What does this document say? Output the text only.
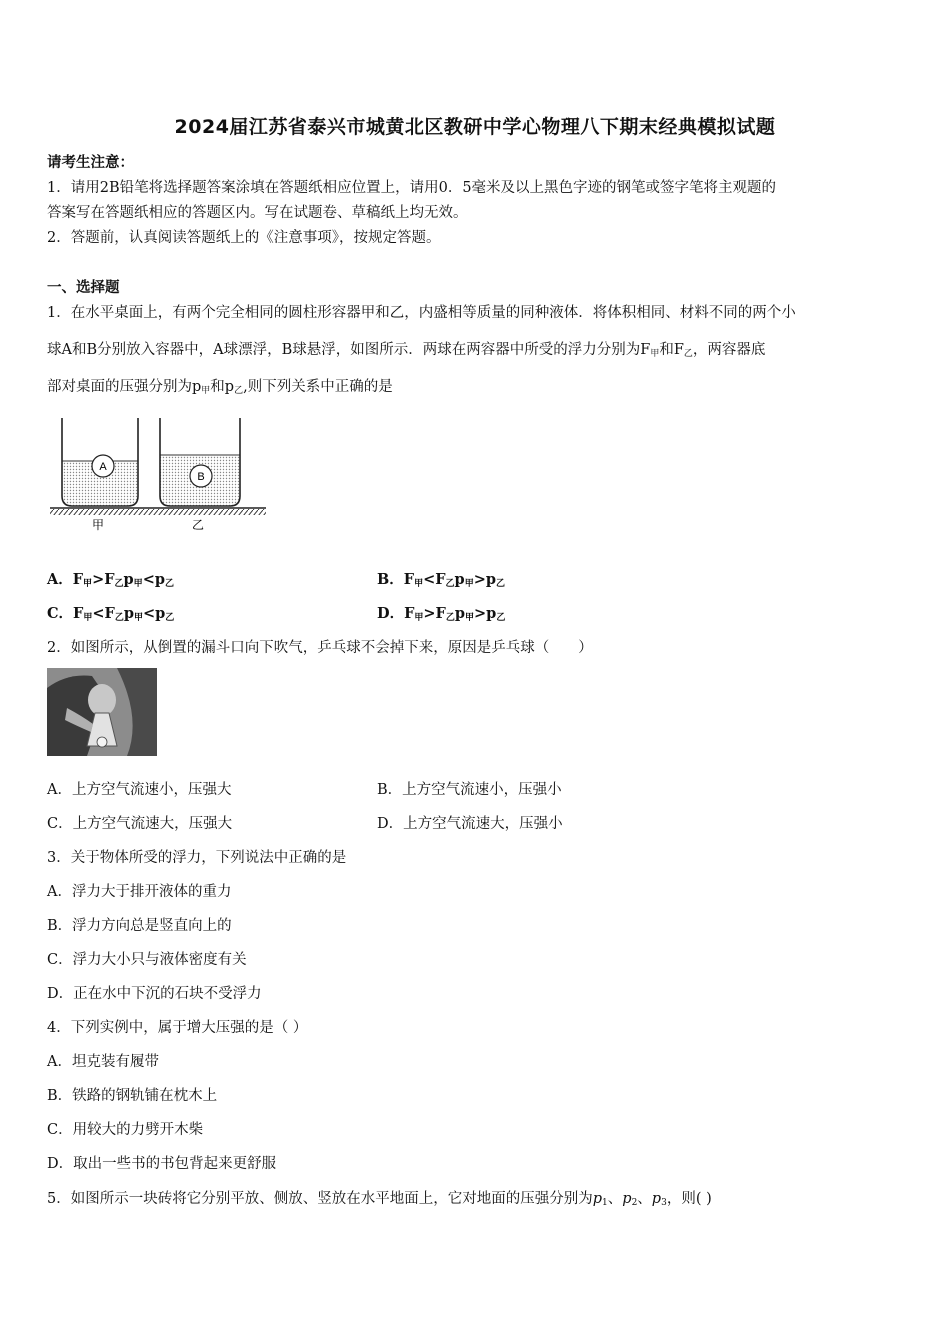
2024届江苏省泰兴市城黄北区教研中学心物理八下期末经典模拟试题
请考生注意：
1．请用2B铅笔将选择题答案涂填在答题纸相应位置上，请用0．5毫米及以上黑色字迹的钢笔或签字笔将主观题的
答案写在答题纸相应的答题区内。写在试题卷、草稿纸上均无效。
2．答题前，认真阅读答题纸上的《注意事项》，按规定答题。
一、选择题
1．在水平桌面上，有两个完全相同的圆柱形容器甲和乙，内盛相等质量的同种液体．将体积相同、材料不同的两个小
球A和B分别放入容器中，A球漂浮，B球悬浮，如图所示．两球在两容器中所受的浮力分别为$F_甲$和$F_乙$，两容器底
部对桌面的压强分别为$p_甲$和$p_乙$,则下列关系中正确的是
A
B
甲	乙
A．$F_甲>F_乙p_甲<p_乙$	B．$F_甲<F_乙p_甲>p_乙$
C．$F_甲<F_乙p_甲<p_乙$	D．$F_甲>F_乙p_甲>p_乙$
2．如图所示，从倒置的漏斗口向下吹气，乒乓球不会掉下来，原因是乒乓球（　　）
A．上方空气流速小，压强大	B．上方空气流速小，压强小
C．上方空气流速大，压强大	D．上方空气流速大，压强小
3．关于物体所受的浮力，下列说法中正确的是
A．浮力大于排开液体的重力
B．浮力方向总是竖直向上的
C．浮力大小只与液体密度有关
D．正在水中下沉的石块不受浮力
4．下列实例中，属于增大压强的是（ ）
A．坦克装有履带
B．铁路的钢轨铺在枕木上
C．用较大的力劈开木柴
D．取出一些书的书包背起来更舒服
5．如图所示一块砖将它分别平放、侧放、竖放在水平地面上，它对地面的压强分别为$p_1$、$p_2$、$p_3$，则( )
